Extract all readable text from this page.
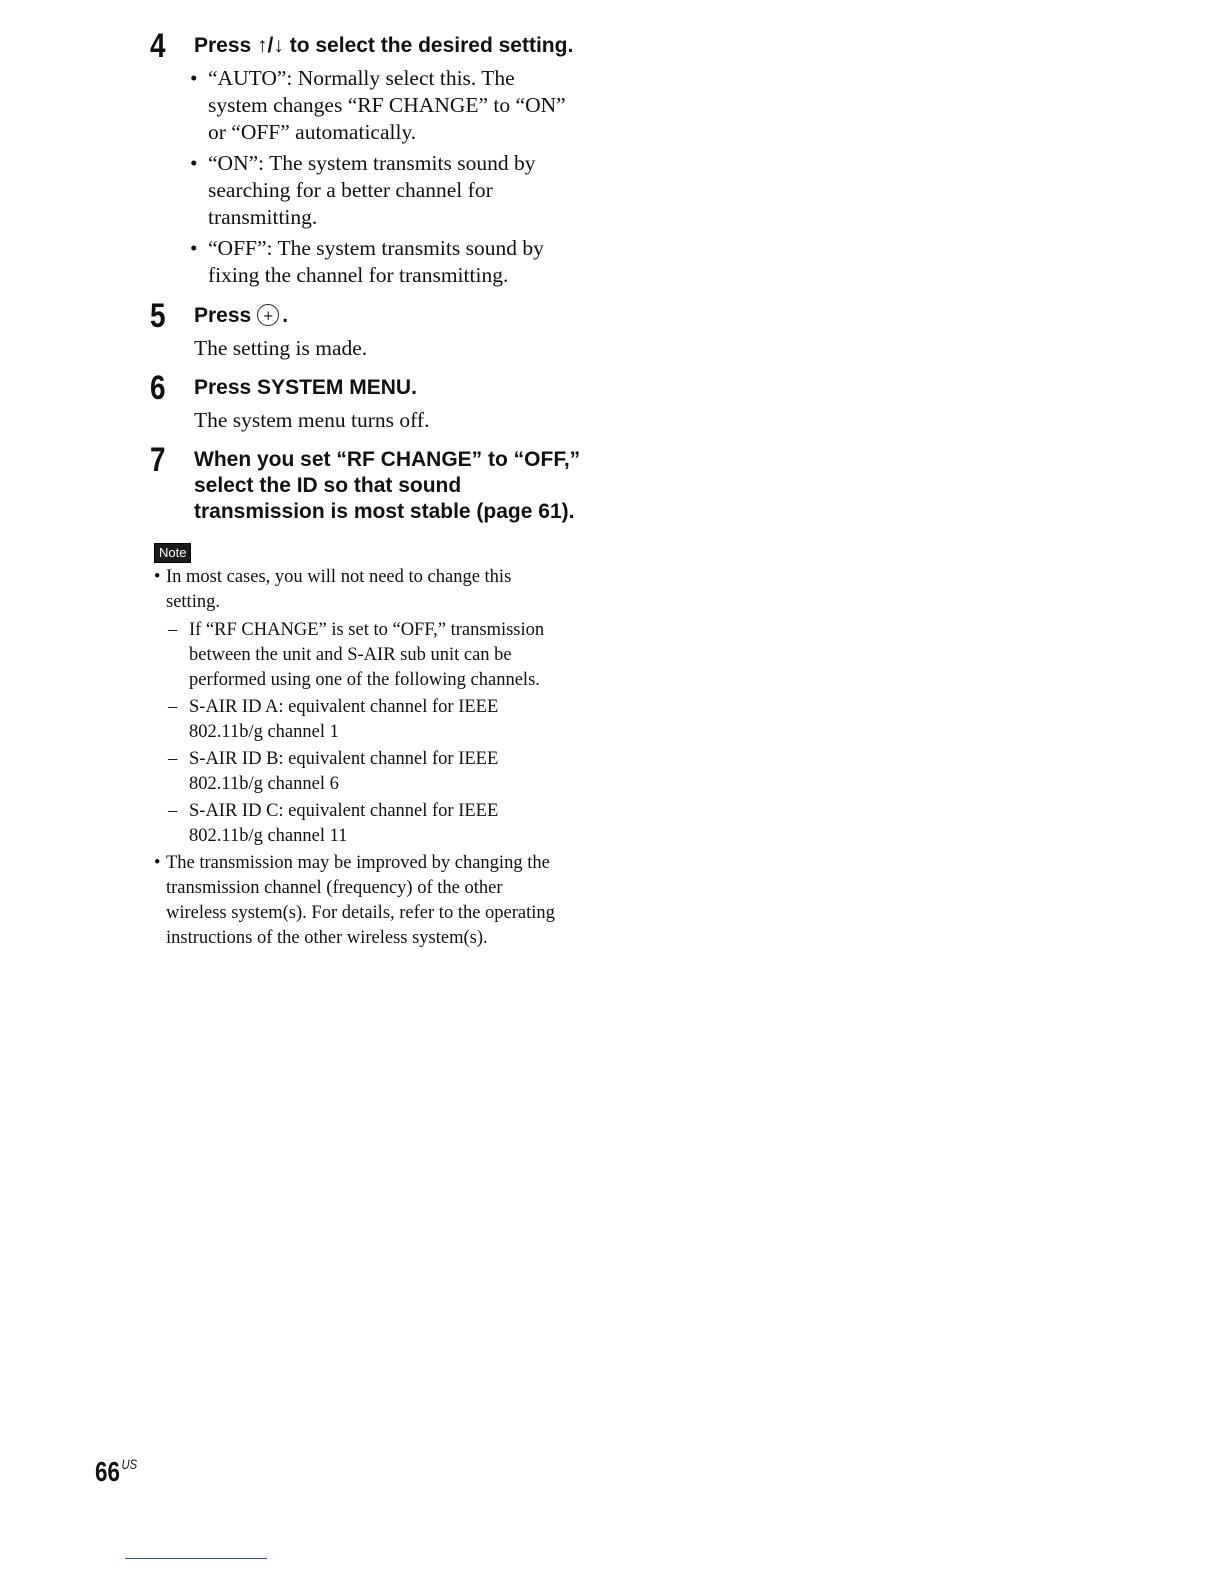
4 Press ↑/↓ to select the desired setting.
• “AUTO”: Normally select this. The
system changes “RF CHANGE” to “ON”
or “OFF” automatically.
• “ON”: The system transmits sound by
searching for a better channel for
transmitting.
• “OFF”: The system transmits sound by
fixing the channel for transmitting.
5 Press+ .
The setting is made.
6 Press SYSTEM MENU.
The system menu turns off.
7 When you set “RF CHANGE” to “OFF,”
select the ID so that sound
transmission is most stable (page 61).
Note
• In most cases, you will not need to change this
setting.
– If “RF CHANGE” is set to “OFF,” transmission
between the unit and S-AIR sub unit can be
performed using one of the following channels.
– S-AIR ID A: equivalent channel for IEEE
802.11b/g channel 1
– S-AIR ID B: equivalent channel for IEEE
802.11b/g channel 6
– S-AIR ID C: equivalent channel for IEEE
802.11b/g channel 11
• The transmission may be improved by changing the
transmission channel (frequency) of the other
wireless system(s). For details, refer to the operating
instructions of the other wireless system(s).
66 $^{US}$
